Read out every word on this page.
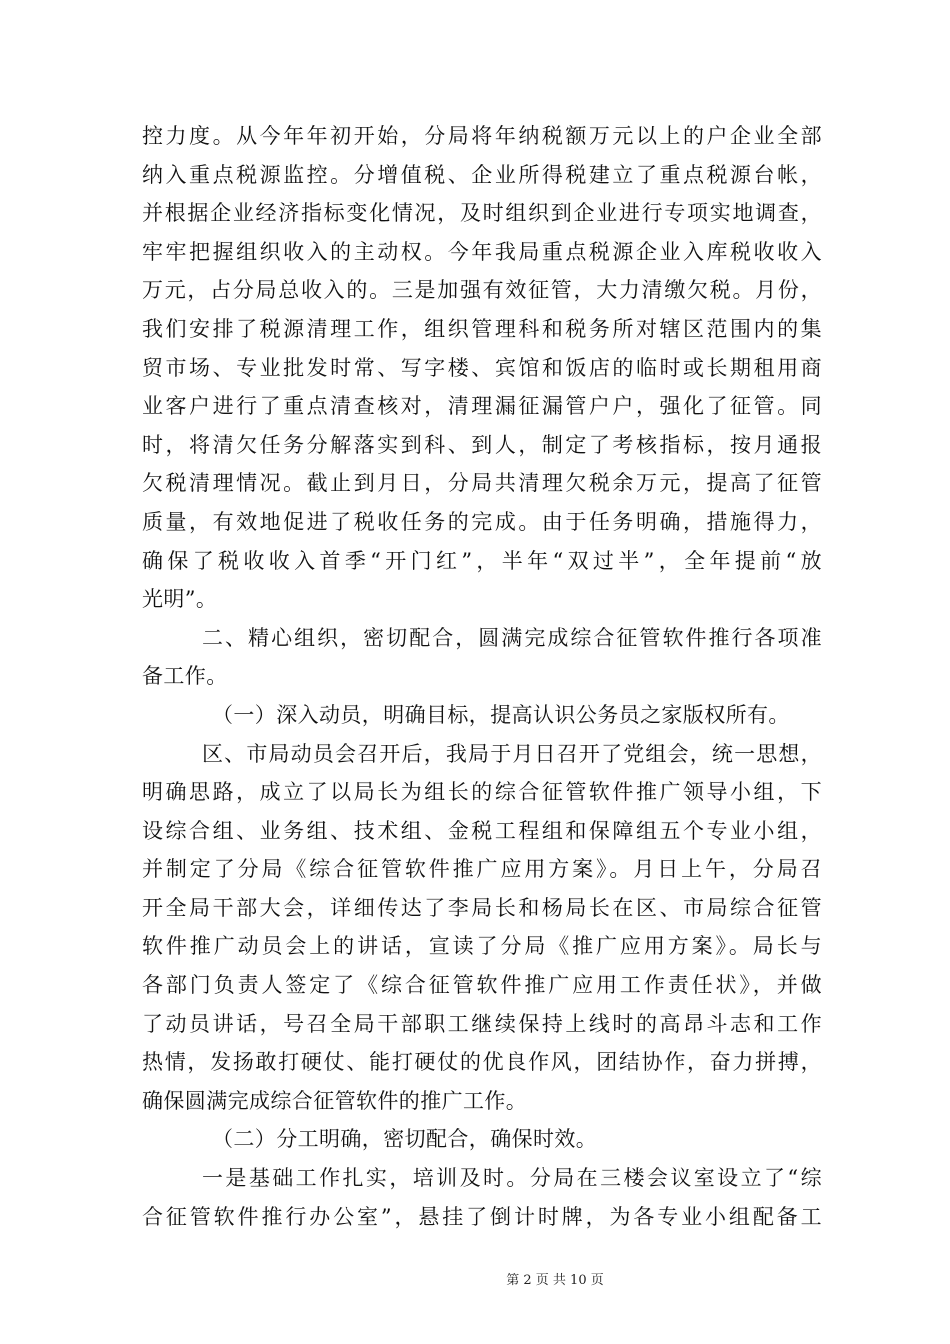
控力度。从今年年初开始，分局将年纳税额万元以上的户企业全部
纳入重点税源监控。分增值税、企业所得税建立了重点税源台帐，
并根据企业经济指标变化情况，及时组织到企业进行专项实地调查，
牢牢把握组织收入的主动权。今年我局重点税源企业入库税收收入
万元，占分局总收入的。三是加强有效征管，大力清缴欠税。月份，
我们安排了税源清理工作，组织管理科和税务所对辖区范围内的集
贸市场、专业批发时常、写字楼、宾馆和饭店的临时或长期租用商
业客户进行了重点清查核对，清理漏征漏管户户，强化了征管。同
时，将清欠任务分解落实到科、到人，制定了考核指标，按月通报
欠税清理情况。截止到月日，分局共清理欠税余万元，提高了征管
质量，有效地促进了税收任务的完成。由于任务明确，措施得力，
确保了税收收入首季“开门红”，半年“双过半”，全年提前“放
光明”。
二、精心组织，密切配合，圆满完成综合征管软件推行各项准
备工作。
（一）深入动员，明确目标，提高认识公务员之家版权所有。
区、市局动员会召开后，我局于月日召开了党组会，统一思想，
明确思路，成立了以局长为组长的综合征管软件推广领导小组，下
设综合组、业务组、技术组、金税工程组和保障组五个专业小组，
并制定了分局《综合征管软件推广应用方案》。月日上午，分局召
开全局干部大会，详细传达了李局长和杨局长在区、市局综合征管
软件推广动员会上的讲话，宣读了分局《推广应用方案》。局长与
各部门负责人签定了《综合征管软件推广应用工作责任状》，并做
了动员讲话，号召全局干部职工继续保持上线时的高昂斗志和工作
热情，发扬敢打硬仗、能打硬仗的优良作风，团结协作，奋力拼搏，
确保圆满完成综合征管软件的推广工作。
（二）分工明确，密切配合，确保时效。
一是基础工作扎实，培训及时。分局在三楼会议室设立了“综
合征管软件推行办公室”，悬挂了倒计时牌，为各专业小组配备工
第 2 页 共 10 页
